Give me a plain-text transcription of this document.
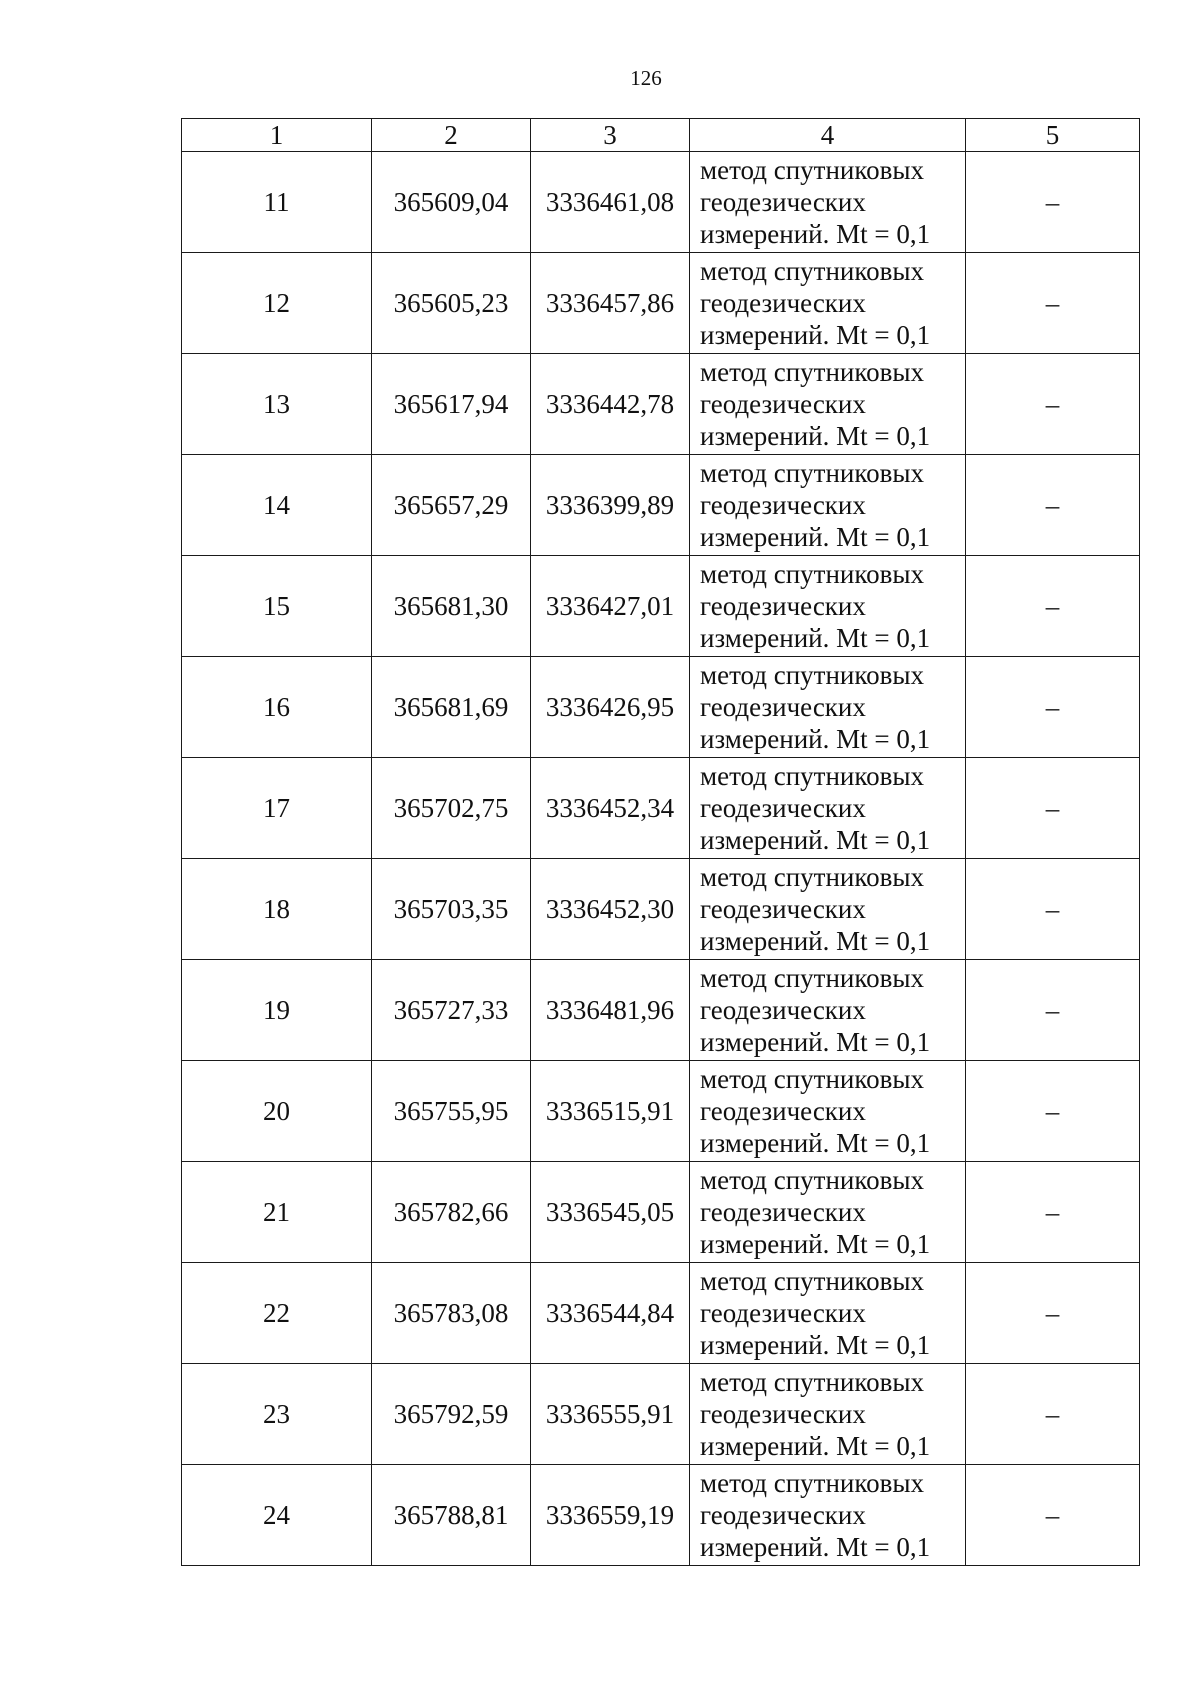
126
1	2	3	4	5
11	365609,04	3336461,08	метод спутниковых
геодезических
измерений. Mt = 0,1	–
12	365605,23	3336457,86	метод спутниковых
геодезических
измерений. Mt = 0,1	–
13	365617,94	3336442,78	метод спутниковых
геодезических
измерений. Mt = 0,1	–
14	365657,29	3336399,89	метод спутниковых
геодезических
измерений. Mt = 0,1	–
15	365681,30	3336427,01	метод спутниковых
геодезических
измерений. Mt = 0,1	–
16	365681,69	3336426,95	метод спутниковых
геодезических
измерений. Mt = 0,1	–
17	365702,75	3336452,34	метод спутниковых
геодезических
измерений. Mt = 0,1	–
18	365703,35	3336452,30	метод спутниковых
геодезических
измерений. Mt = 0,1	–
19	365727,33	3336481,96	метод спутниковых
геодезических
измерений. Mt = 0,1	–
20	365755,95	3336515,91	метод спутниковых
геодезических
измерений. Mt = 0,1	–
21	365782,66	3336545,05	метод спутниковых
геодезических
измерений. Mt = 0,1	–
22	365783,08	3336544,84	метод спутниковых
геодезических
измерений. Mt = 0,1	–
23	365792,59	3336555,91	метод спутниковых
геодезических
измерений. Mt = 0,1	–
24	365788,81	3336559,19	метод спутниковых
геодезических
измерений. Mt = 0,1	–
